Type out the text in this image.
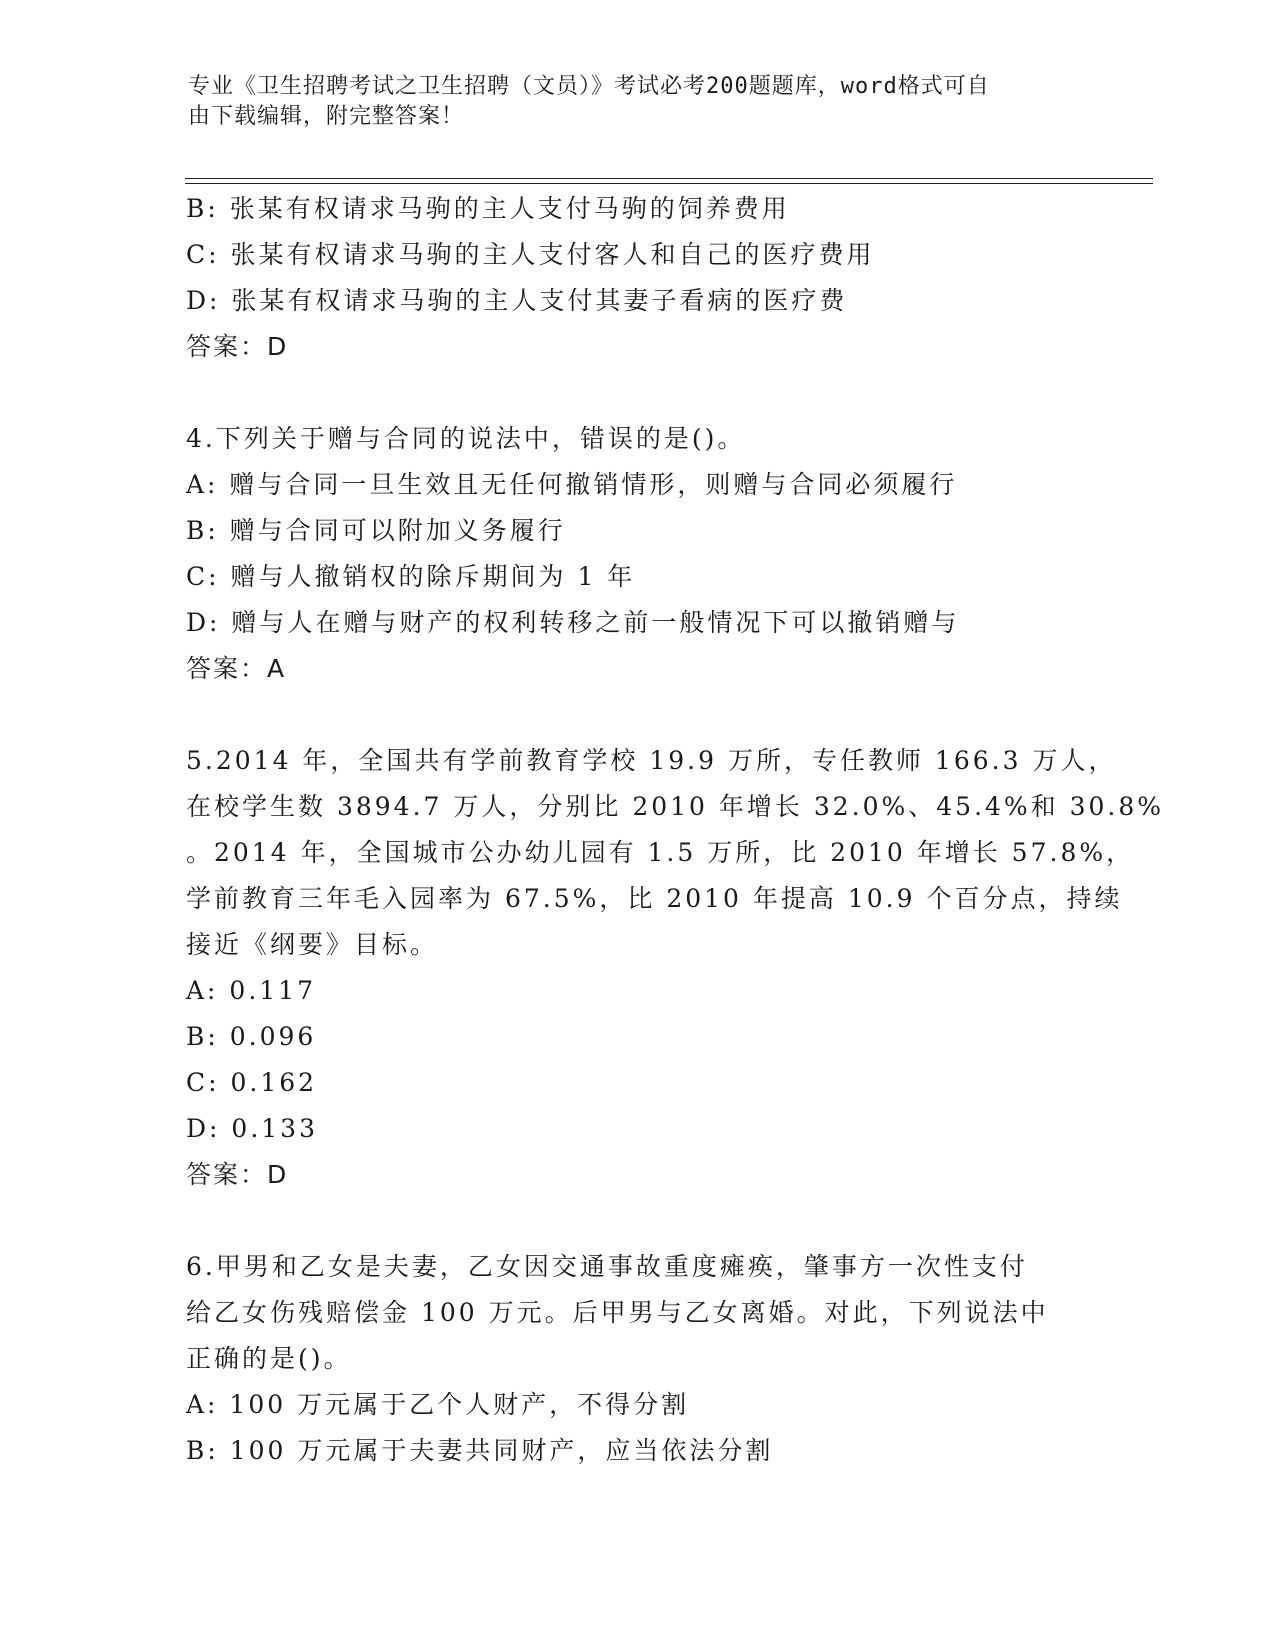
专业《卫生招聘考试之卫生招聘（文员）》考试必考200题题库，word格式可自
由下载编辑，附完整答案！
B: 张某有权请求马驹的主人支付马驹的饲养费用
C: 张某有权请求马驹的主人支付客人和自己的医疗费用
D: 张某有权请求马驹的主人支付其妻子看病的医疗费
答案：D
4.下列关于赠与合同的说法中，错误的是()。
A: 赠与合同一旦生效且无任何撤销情形，则赠与合同必须履行
B: 赠与合同可以附加义务履行
C: 赠与人撤销权的除斥期间为 1 年
D: 赠与人在赠与财产的权利转移之前一般情况下可以撤销赠与
答案：A
5.2014 年，全国共有学前教育学校 19.9 万所，专任教师 166.3 万人，
在校学生数 3894.7 万人，分别比 2010 年增长 32.0%、45.4%和 30.8%
。2014 年，全国城市公办幼儿园有 1.5 万所，比 2010 年增长 57.8%，
学前教育三年毛入园率为 67.5%，比 2010 年提高 10.9 个百分点，持续
接近《纲要》目标。
A: 0.117
B: 0.096
C: 0.162
D: 0.133
答案：D
6.甲男和乙女是夫妻，乙女因交通事故重度瘫痪，肇事方一次性支付
给乙女伤残赔偿金 100 万元。后甲男与乙女离婚。对此，下列说法中
正确的是()。
A: 100 万元属于乙个人财产，不得分割
B: 100 万元属于夫妻共同财产，应当依法分割
